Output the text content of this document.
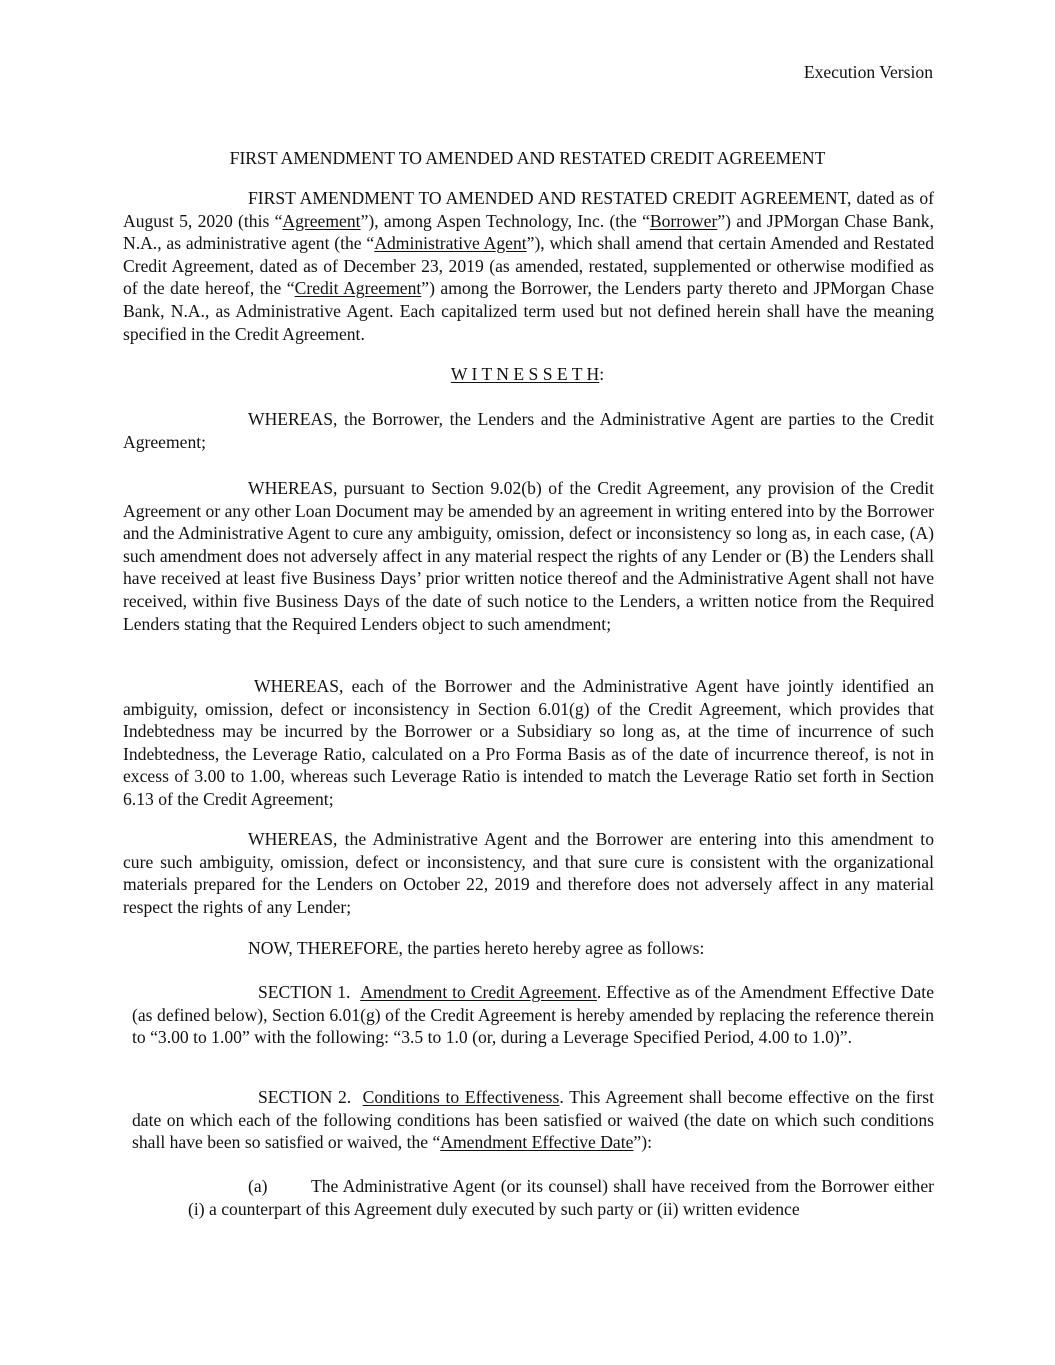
Execution Version
FIRST AMENDMENT TO AMENDED AND RESTATED CREDIT AGREEMENT

FIRST AMENDMENT TO AMENDED AND RESTATED CREDIT AGREEMENT, dated as of August 5, 2020 (this “Agreement”), among Aspen Technology, Inc. (the “Borrower”) and JPMorgan Chase Bank, N.A., as administrative agent (the “Administrative Agent”), which shall amend that certain Amended and Restated Credit Agreement, dated as of December 23, 2019 (as amended, restated, supplemented or otherwise modified as of the date hereof, the “Credit Agreement”) among the Borrower, the Lenders party thereto and JPMorgan Chase Bank, N.A., as Administrative Agent. Each capitalized term used but not defined herein shall have the meaning specified in the Credit Agreement.

W I T N E S S E T H:

WHEREAS, the Borrower, the Lenders and the Administrative Agent are parties to the Credit Agreement;

WHEREAS, pursuant to Section 9.02(b) of the Credit Agreement, any provision of the Credit Agreement or any other Loan Document may be amended by an agreement in writing entered into by the Borrower and the Administrative Agent to cure any ambiguity, omission, defect or inconsistency so long as, in each case, (A) such amendment does not adversely affect in any material respect the rights of any Lender or (B) the Lenders shall have received at least five Business Days’ prior written notice thereof and the Administrative Agent shall not have received, within five Business Days of the date of such notice to the Lenders, a written notice from the Required Lenders stating that the Required Lenders object to such amendment;

WHEREAS, each of the Borrower and the Administrative Agent have jointly identified an ambiguity, omission, defect or inconsistency in Section 6.01(g) of the Credit Agreement, which provides that Indebtedness may be incurred by the Borrower or a Subsidiary so long as, at the time of incurrence of such Indebtedness, the Leverage Ratio, calculated on a Pro Forma Basis as of the date of incurrence thereof, is not in excess of 3.00 to 1.00, whereas such Leverage Ratio is intended to match the Leverage Ratio set forth in Section 6.13 of the Credit Agreement;

WHEREAS, the Administrative Agent and the Borrower are entering into this amendment to cure such ambiguity, omission, defect or inconsistency, and that sure cure is consistent with the organizational materials prepared for the Lenders on October 22, 2019 and therefore does not adversely affect in any material respect the rights of any Lender;

NOW, THEREFORE, the parties hereto hereby agree as follows:

SECTION 1. Amendment to Credit Agreement. Effective as of the Amendment Effective Date (as defined below), Section 6.01(g) of the Credit Agreement is hereby amended by replacing the reference therein to “3.00 to 1.00” with the following: “3.5 to 1.0 (or, during a Leverage Specified Period, 4.00 to 1.0)”.

SECTION 2. Conditions to Effectiveness. This Agreement shall become effective on the first date on which each of the following conditions has been satisfied or waived (the date on which such conditions shall have been so satisfied or waived, the “Amendment Effective Date”):

(a) The Administrative Agent (or its counsel) shall have received from the Borrower either (i) a counterpart of this Agreement duly executed by such party or (ii) written evidence
